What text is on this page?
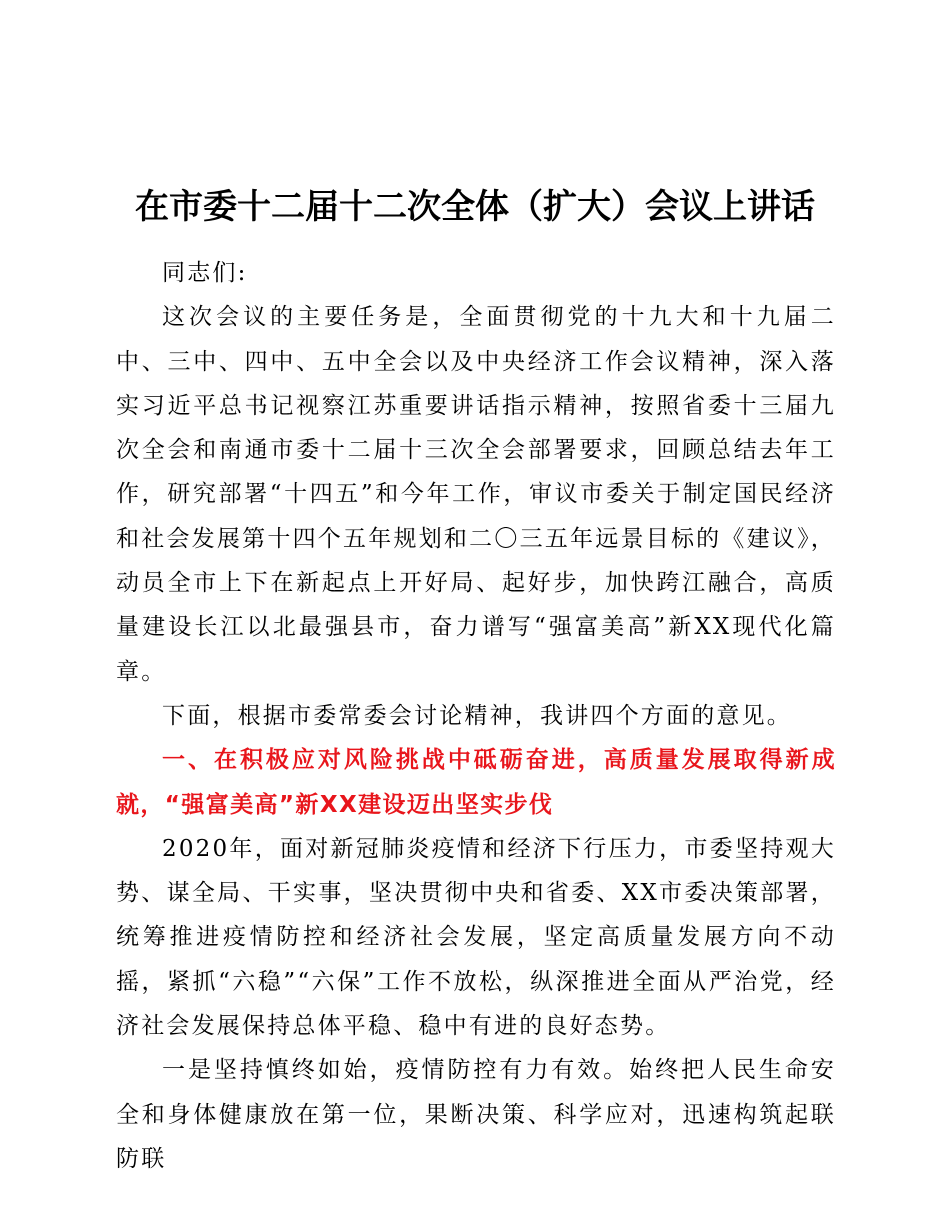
在市委十二届十二次全体（扩大）会议上讲话

同志们:

这次会议的主要任务是，全面贯彻党的十九大和十九届二中、三中、四中、五中全会以及中央经济工作会议精神，深入落实习近平总书记视察江苏重要讲话指示精神，按照省委十三届九次全会和南通市委十二届十三次全会部署要求，回顾总结去年工作，研究部署“十四五”和今年工作，审议市委关于制定国民经济和社会发展第十四个五年规划和二〇三五年远景目标的《建议》，动员全市上下在新起点上开好局、起好步，加快跨江融合，高质量建设长江以北最强县市，奋力谱写“强富美高”新XX现代化篇章。

下面，根据市委常委会讨论精神，我讲四个方面的意见。

一、在积极应对风险挑战中砥砺奋进，高质量发展取得新成就，“强富美高”新XX建设迈出坚实步伐

2020年，面对新冠肺炎疫情和经济下行压力，市委坚持观大势、谋全局、干实事，坚决贯彻中央和省委、XX市委决策部署，统筹推进疫情防控和经济社会发展，坚定高质量发展方向不动摇，紧抓“六稳”“六保”工作不放松，纵深推进全面从严治党，经济社会发展保持总体平稳、稳中有进的良好态势。

一是坚持慎终如始，疫情防控有力有效。始终把人民生命安全和身体健康放在第一位，果断决策、科学应对，迅速构筑起联防联
